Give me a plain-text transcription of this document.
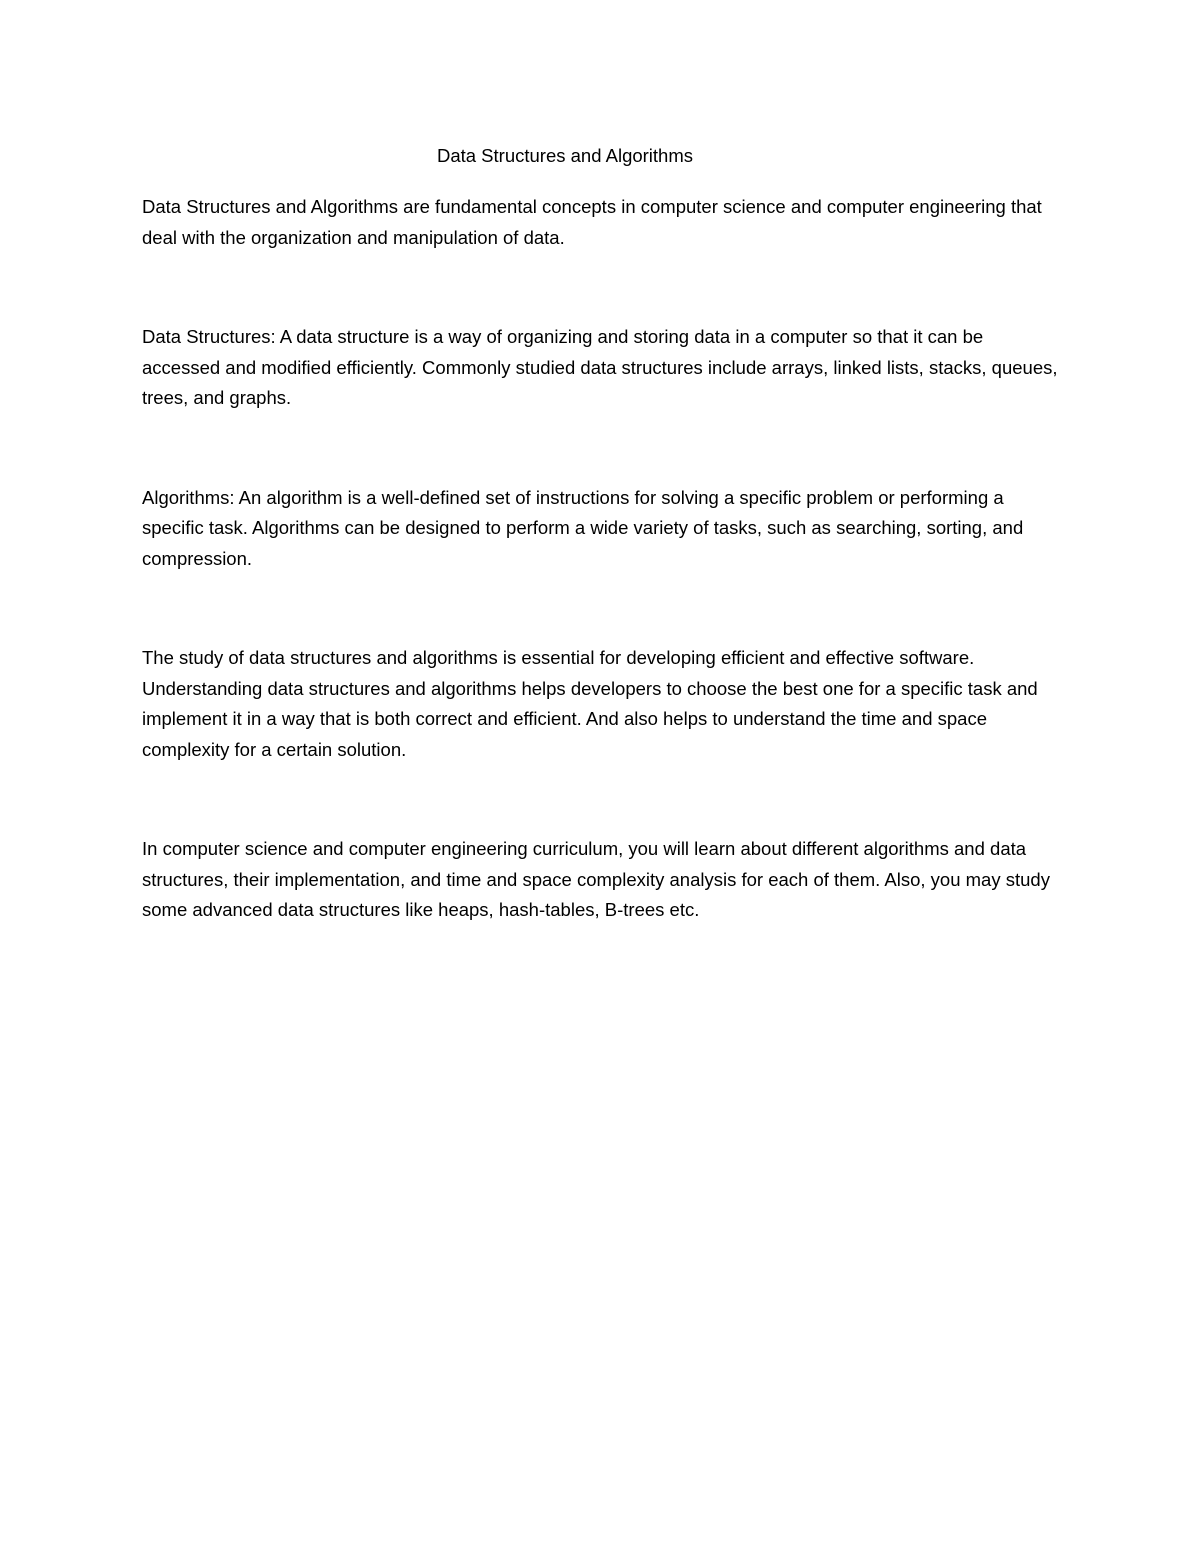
Data Structures and Algorithms

Data Structures and Algorithms are fundamental concepts in computer science and computer engineering that deal with the organization and manipulation of data.

Data Structures: A data structure is a way of organizing and storing data in a computer so that it can be accessed and modified efficiently. Commonly studied data structures include arrays, linked lists, stacks, queues, trees, and graphs.

Algorithms: An algorithm is a well-defined set of instructions for solving a specific problem or performing a specific task. Algorithms can be designed to perform a wide variety of tasks, such as searching, sorting, and compression.

The study of data structures and algorithms is essential for developing efficient and effective software. Understanding data structures and algorithms helps developers to choose the best one for a specific task and implement it in a way that is both correct and efficient. And also helps to understand the time and space complexity for a certain solution.

In computer science and computer engineering curriculum, you will learn about different algorithms and data structures, their implementation, and time and space complexity analysis for each of them. Also, you may study some advanced data structures like heaps, hash-tables, B-trees etc.
